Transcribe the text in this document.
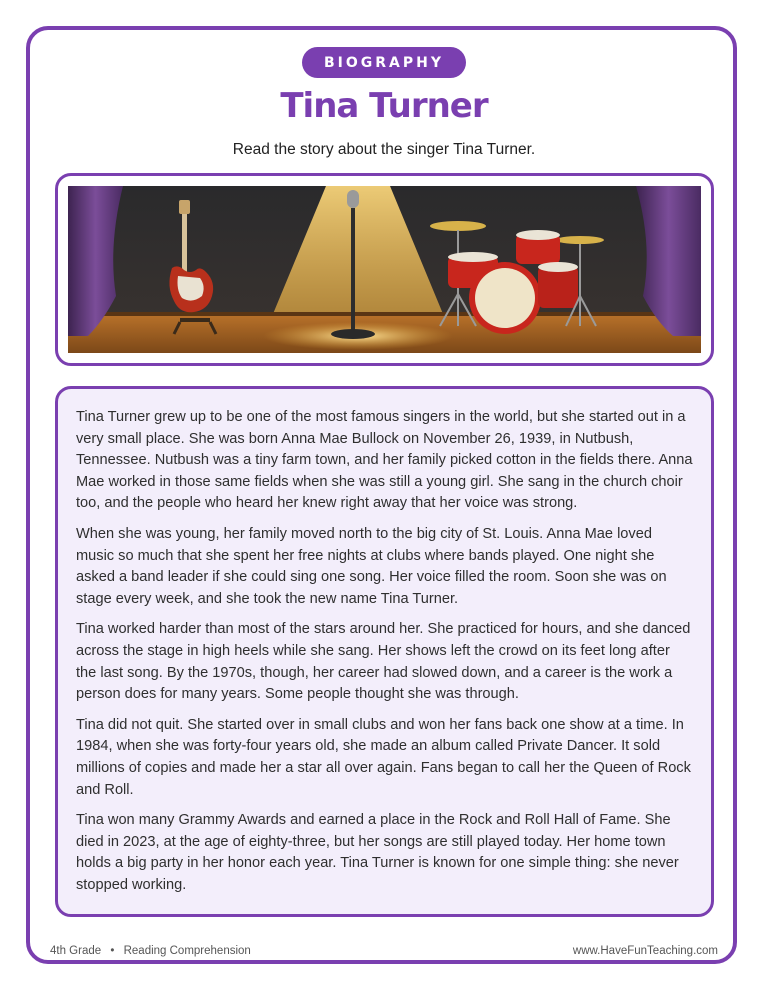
BIOGRAPHY
Tina Turner
Read the story about the singer Tina Turner.

Tina Turner grew up to be one of the most famous singers in the world, but she started out in a very small place. She was born Anna Mae Bullock on November 26, 1939, in Nutbush, Tennessee. Nutbush was a tiny farm town, and her family picked cotton in the fields there. Anna Mae worked in those same fields when she was still a young girl. She sang in the church choir too, and the people who heard her knew right away that her voice was strong.

When she was young, her family moved north to the big city of St. Louis. Anna Mae loved music so much that she spent her free nights at clubs where bands played. One night she asked a band leader if she could sing one song. Her voice filled the room. Soon she was on stage every week, and she took the new name Tina Turner.

Tina worked harder than most of the stars around her. She practiced for hours, and she danced across the stage in high heels while she sang. Her shows left the crowd on its feet long after the last song. By the 1970s, though, her career had slowed down, and a career is the work a person does for many years. Some people thought she was through.

Tina did not quit. She started over in small clubs and won her fans back one show at a time. In 1984, when she was forty-four years old, she made an album called Private Dancer. It sold millions of copies and made her a star all over again. Fans began to call her the Queen of Rock and Roll.

Tina won many Grammy Awards and earned a place in the Rock and Roll Hall of Fame. She died in 2023, at the age of eighty-three, but her songs are still played today. Her home town holds a big party in her honor each year. Tina Turner is known for one simple thing: she never stopped working.

4th Grade • Reading Comprehension	www.HaveFunTeaching.com
